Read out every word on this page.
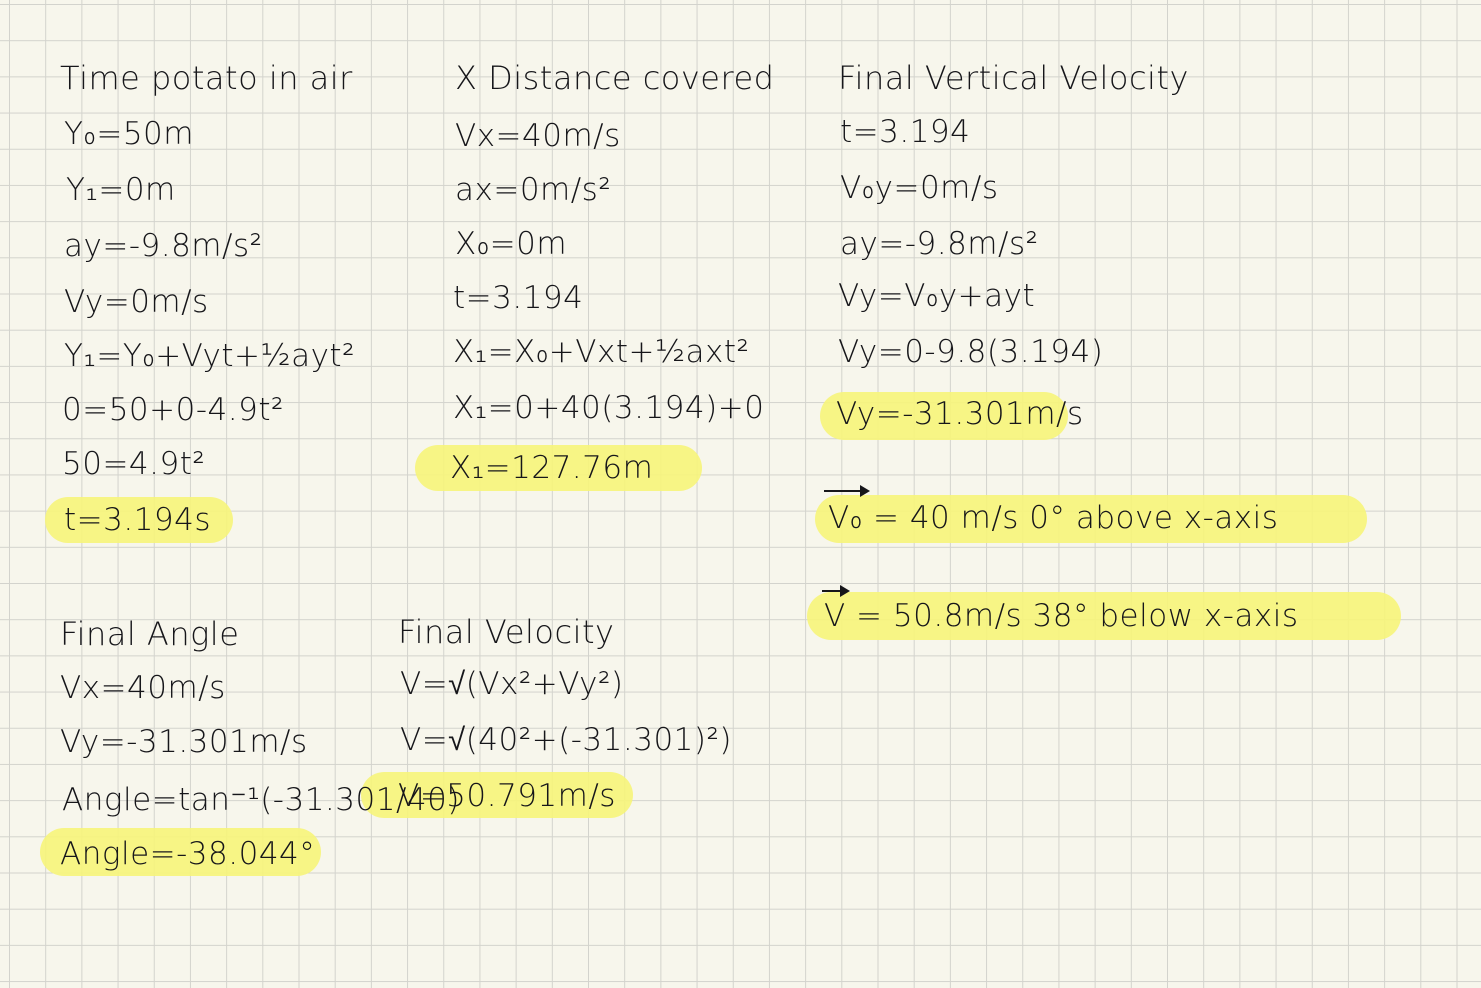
Time potato in air
Y₀=50m
Y₁=0m
ay=-9.8m/s²
Vy=0m/s
Y₁=Y₀+Vyt+½ayt²
0=50+0-4.9t²
50=4.9t²
t=3.194s
X Distance covered
Vx=40m/s
ax=0m/s²
X₀=0m
t=3.194
X₁=X₀+Vxt+½axt²
X₁=0+40(3.194)+0
X₁=127.76m
Final Vertical Velocity
t=3.194
V₀y=0m/s
ay=-9.8m/s²
Vy=V₀y+ayt
Vy=0-9.8(3.194)
Vy=-31.301m/s
V₀ = 40 m/s 0° above x-axis
V = 50.8m/s 38° below x-axis
Final Angle
Vx=40m/s
Vy=-31.301m/s
Angle=tan⁻¹(-31.301/40)
Angle=-38.044°
Final Velocity
V=√(Vx²+Vy²)
V=√(40²+(-31.301)²)
V=50.791m/s
